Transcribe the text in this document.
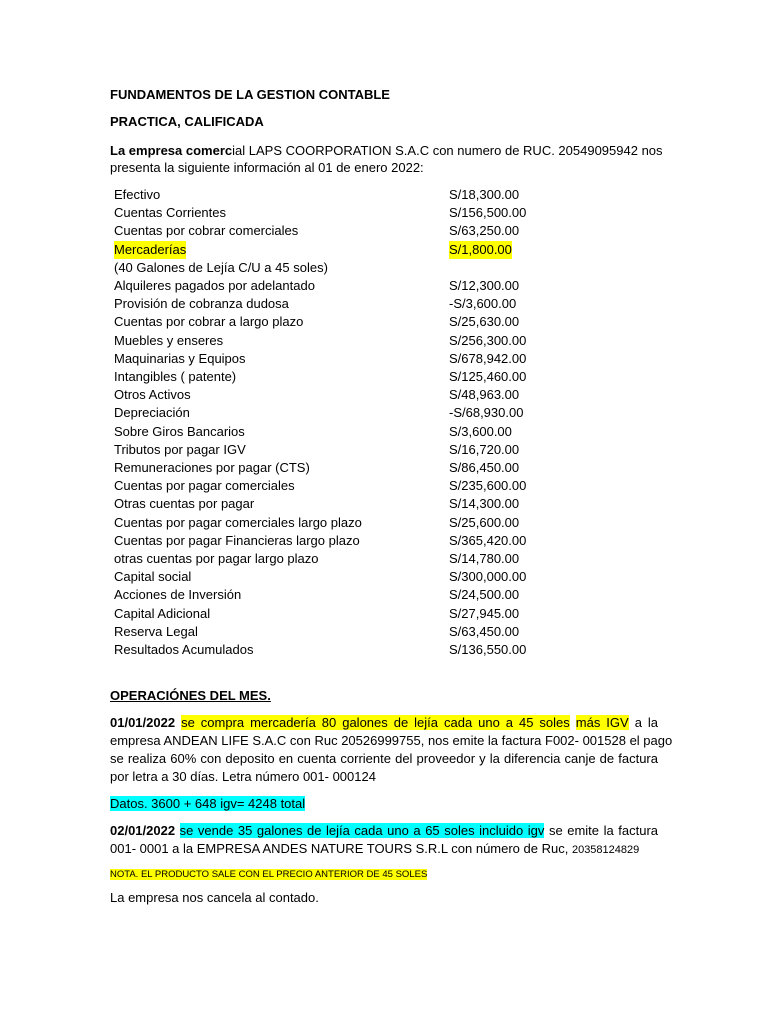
FUNDAMENTOS DE LA GESTION CONTABLE
PRACTICA, CALIFICADA
La empresa comercial LAPS COORPORATION S.A.C con numero de RUC. 20549095942 nos
presenta la siguiente información al 01 de enero 2022:
Efectivo	S/18,300.00
Cuentas Corrientes	S/156,500.00
Cuentas por cobrar comerciales	S/63,250.00
Mercaderías	S/1,800.00
(40 Galones de Lejía C/U a 45 soles)
Alquileres pagados por adelantado	S/12,300.00
Provisión de cobranza dudosa	-S/3,600.00
Cuentas por cobrar a largo plazo	S/25,630.00
Muebles y enseres	S/256,300.00
Maquinarias y Equipos	S/678,942.00
Intangibles ( patente)	S/125,460.00
Otros Activos	S/48,963.00
Depreciación	-S/68,930.00
Sobre Giros Bancarios	S/3,600.00
Tributos por pagar IGV	S/16,720.00
Remuneraciones por pagar (CTS)	S/86,450.00
Cuentas por pagar comerciales	S/235,600.00
Otras cuentas por pagar	S/14,300.00
Cuentas por pagar comerciales largo plazo	S/25,600.00
Cuentas por pagar Financieras largo plazo	S/365,420.00
otras cuentas por pagar largo plazo	S/14,780.00
Capital social	S/300,000.00
Acciones de Inversión	S/24,500.00
Capital Adicional	S/27,945.00
Reserva Legal	S/63,450.00
Resultados Acumulados	S/136,550.00
OPERACIÓNES DEL MES.
01/01/2022 se compra mercadería 80 galones de lejía cada uno a 45 soles más IGV a la
empresa ANDEAN LIFE S.A.C con Ruc 20526999755, nos emite la factura F002- 001528 el pago
se realiza 60% con deposito en cuenta corriente del proveedor y la diferencia canje de factura
por letra a 30 días. Letra número 001- 000124
Datos. 3600 + 648 igv= 4248 total
02/01/2022 se vende 35 galones de lejía cada uno a 65 soles incluido igv se emite la factura
001- 0001 a la EMPRESA ANDES NATURE TOURS S.R.L con número de Ruc, 20358124829
NOTA. EL PRODUCTO SALE CON EL PRECIO ANTERIOR DE 45 SOLES
La empresa nos cancela al contado.
